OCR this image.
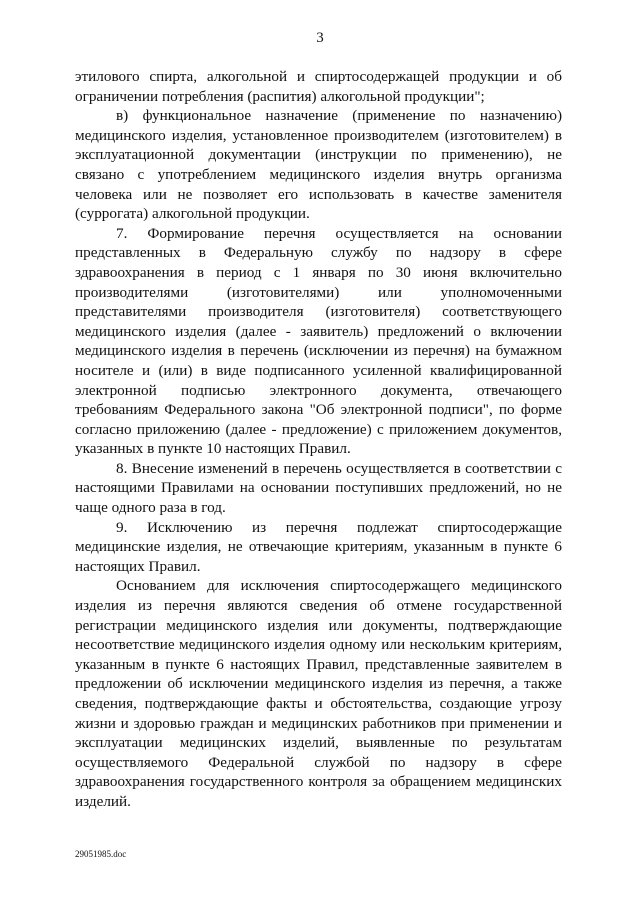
3

этилового спирта, алкогольной и спиртосодержащей продукции и об ограничении потребления (распития) алкогольной продукции";

в) функциональное назначение (применение по назначению) медицинского изделия, установленное производителем (изготовителем) в эксплуатационной документации (инструкции по применению), не связано с употреблением медицинского изделия внутрь организма человека или не позволяет его использовать в качестве заменителя (суррогата) алкогольной продукции.

7. Формирование перечня осуществляется на основании представленных в Федеральную службу по надзору в сфере здравоохранения в период с 1 января по 30 июня включительно производителями (изготовителями) или уполномоченными представителями производителя (изготовителя) соответствующего медицинского изделия (далее - заявитель) предложений о включении медицинского изделия в перечень (исключении из перечня) на бумажном носителе и (или) в виде подписанного усиленной квалифицированной электронной подписью электронного документа, отвечающего требованиям Федерального закона "Об электронной подписи", по форме согласно приложению (далее - предложение) с приложением документов, указанных в пункте 10 настоящих Правил.

8. Внесение изменений в перечень осуществляется в соответствии с настоящими Правилами на основании поступивших предложений, но не чаще одного раза в год.

9. Исключению из перечня подлежат спиртосодержащие медицинские изделия, не отвечающие критериям, указанным в пункте 6 настоящих Правил.

Основанием для исключения спиртосодержащего медицинского изделия из перечня являются сведения об отмене государственной регистрации медицинского изделия или документы, подтверждающие несоответствие медицинского изделия одному или нескольким критериям, указанным в пункте 6 настоящих Правил, представленные заявителем в предложении об исключении медицинского изделия из перечня, а также сведения, подтверждающие факты и обстоятельства, создающие угрозу жизни и здоровью граждан и медицинских работников при применении и эксплуатации медицинских изделий, выявленные по результатам осуществляемого Федеральной службой по надзору в сфере здравоохранения государственного контроля за обращением медицинских изделий.

29051985.doc
